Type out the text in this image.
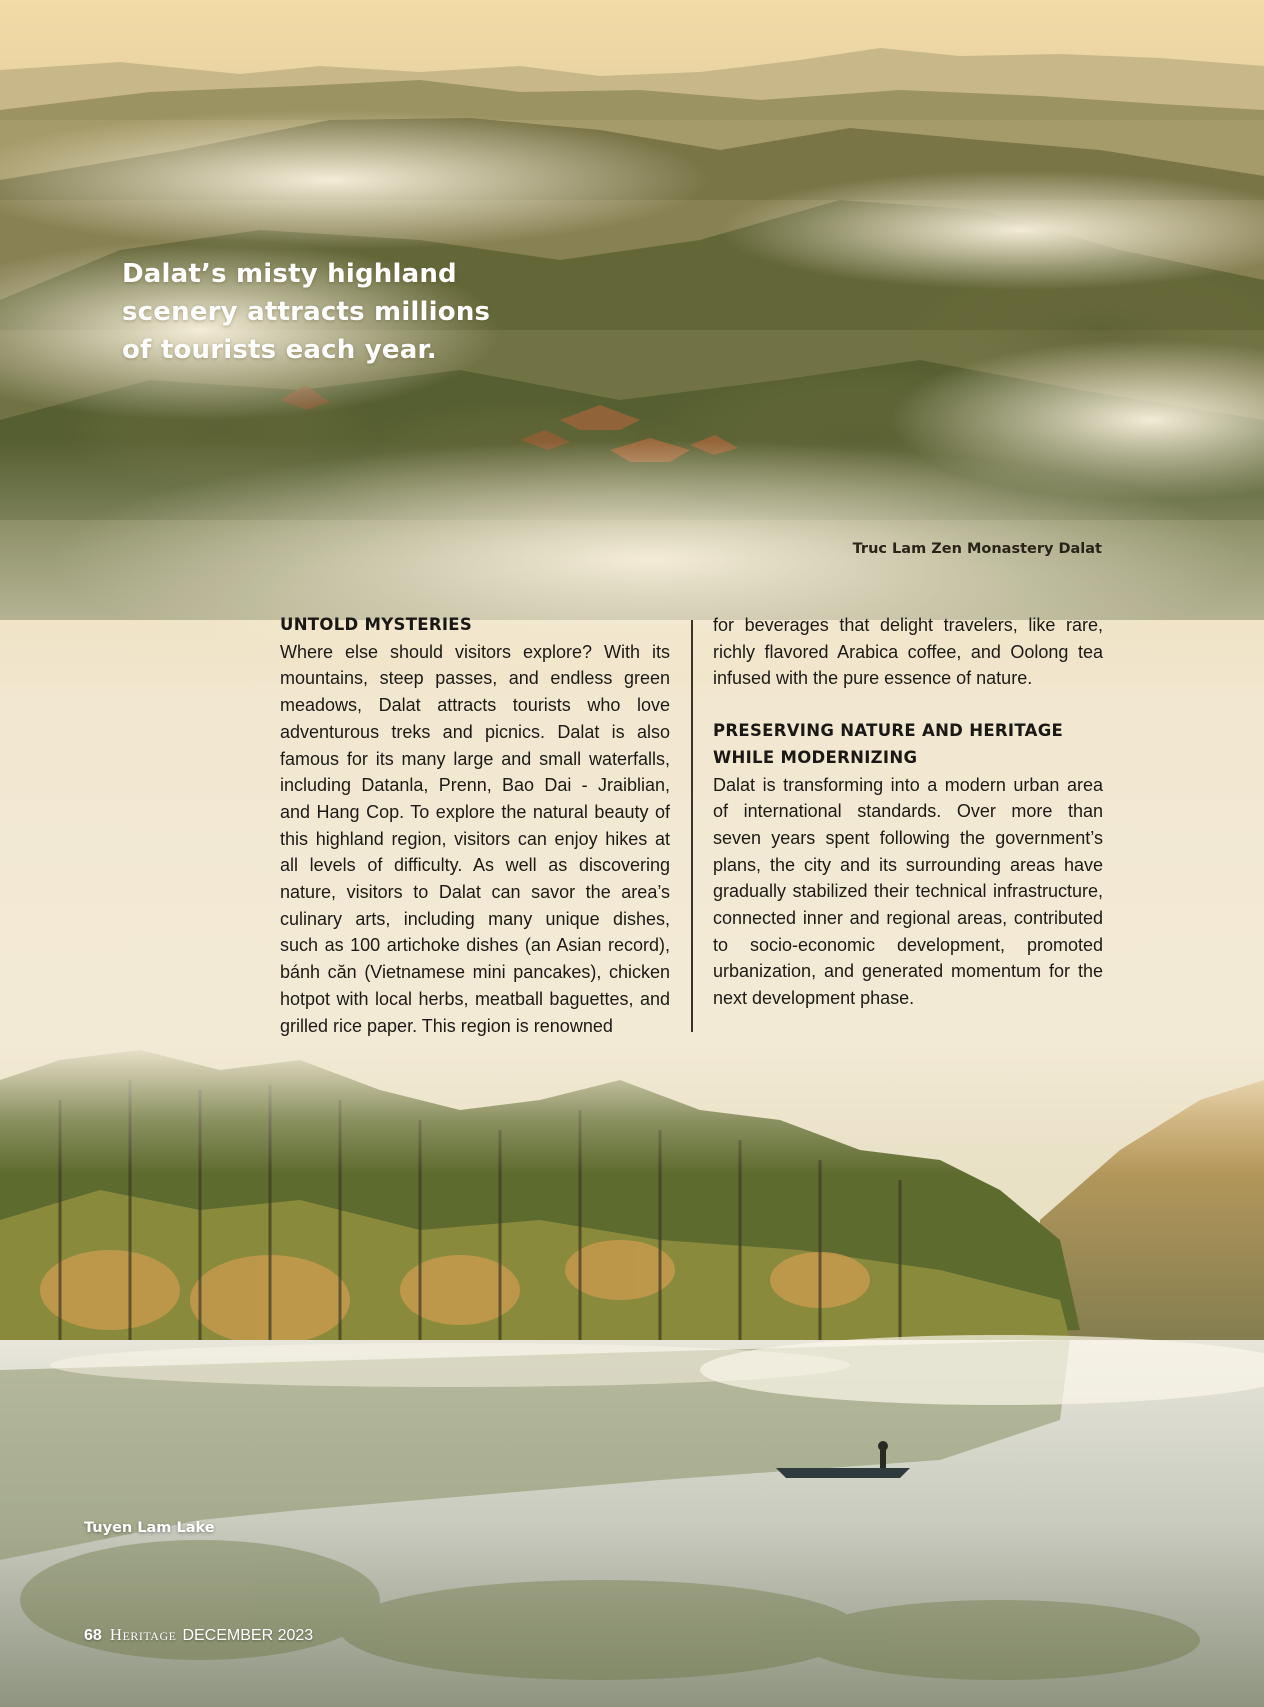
Dalat’s misty highland scenery attracts millions of tourists each year.
Truc Lam Zen Monastery Dalat
Tuyen Lam Lake
UNTOLD MYSTERIES

Where else should visitors explore? With its mountains, steep passes, and endless green meadows, Dalat attracts tourists who love adventurous treks and picnics. Dalat is also famous for its many large and small waterfalls, including Datanla, Prenn, Bao Dai - Jraiblian, and Hang Cop. To explore the natural beauty of this highland region, visitors can enjoy hikes at all levels of difficulty. As well as discovering nature, visitors to Dalat can savor the area’s culinary arts, including many unique dishes, such as 100 artichoke dishes (an Asian record), bánh căn (Vietnamese mini pancakes), chicken hotpot with local herbs, meatball baguettes, and grilled rice paper. This region is renowned

for beverages that delight travelers, like rare, richly flavored Arabica coffee, and Oolong tea infused with the pure essence of nature.

PRESERVING NATURE AND HERITAGE WHILE MODERNIZING

Dalat is transforming into a modern urban area of international standards. Over more than seven years spent following the government’s plans, the city and its surrounding areas have gradually stabilized their technical infrastructure, connected inner and regional areas, contributed to socio-economic development, promoted urbanization, and generated momentum for the next development phase.

68 Heritage DECEMBER 2023
